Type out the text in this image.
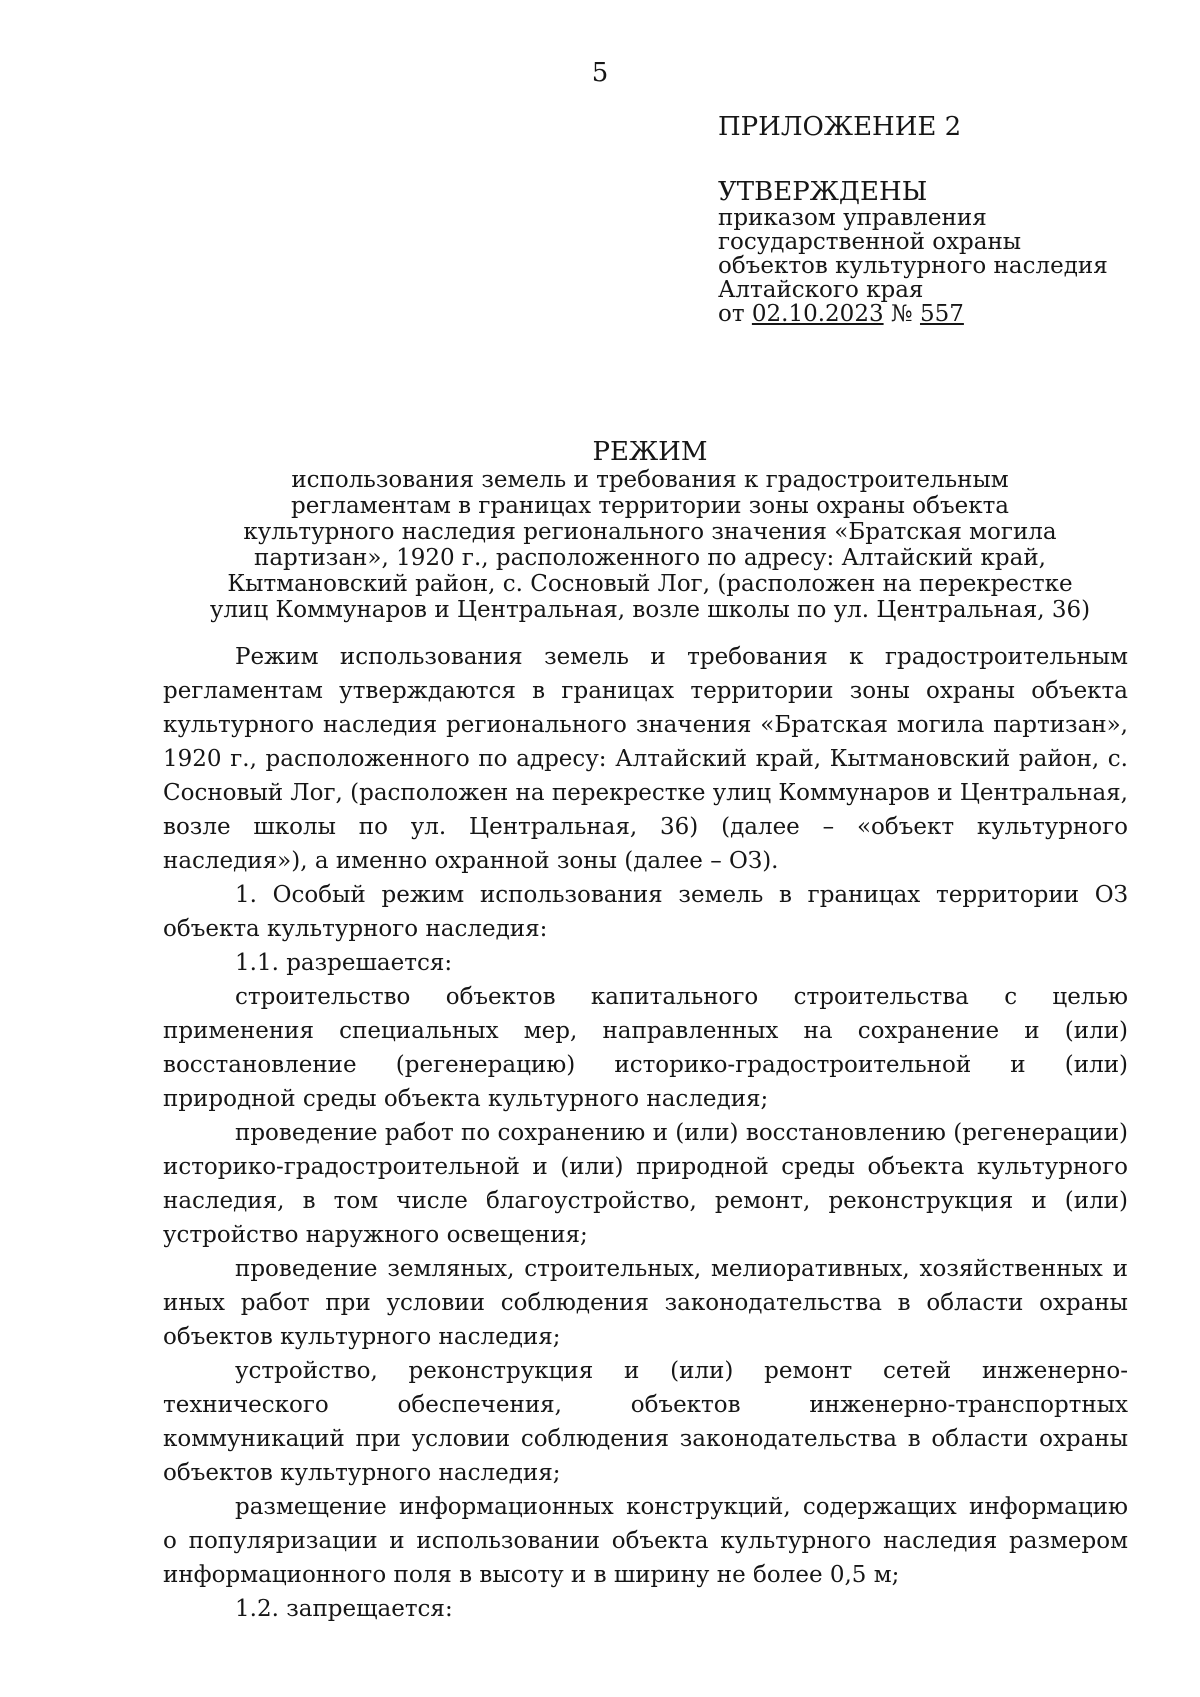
5

ПРИЛОЖЕНИЕ 2

УТВЕРЖДЕНЫ

приказом управления

государственной охраны

объектов культурного наследия

Алтайского края

от 02.10.2023 № 557

РЕЖИМ

использования земель и требования к градостроительным

регламентам в границах территории зоны охраны объекта

культурного наследия регионального значения «Братская могила

партизан», 1920 г., расположенного по адресу: Алтайский край,

Кытмановский район, с. Сосновый Лог, (расположен на перекрестке

улиц Коммунаров и Центральная, возле школы по ул. Центральная, 36)

Режим использования земель и требования к градостроительным регламентам утверждаются в границах территории зоны охраны объекта культурного наследия регионального значения «Братская могила партизан», 1920 г., расположенного по адресу: Алтайский край, Кытмановский район, с. Сосновый Лог, (расположен на перекрестке улиц Коммунаров и Центральная, возле школы по ул. Центральная, 36) (далее – «объект культурного наследия»), а именно охранной зоны (далее – ОЗ).

1. Особый режим использования земель в границах территории ОЗ объекта культурного наследия:

1.1. разрешается:

строительство объектов капитального строительства с целью применения специальных мер, направленных на сохранение и (или) восстановление (регенерацию) историко-градостроительной и (или) природной среды объекта культурного наследия;

проведение работ по сохранению и (или) восстановлению (регенерации) историко-градостроительной и (или) природной среды объекта культурного наследия, в том числе благоустройство, ремонт, реконструкция и (или) устройство наружного освещения;

проведение земляных, строительных, мелиоративных, хозяйственных и иных работ при условии соблюдения законодательства в области охраны объектов культурного наследия;

устройство, реконструкция и (или) ремонт сетей инженерно-технического обеспечения, объектов инженерно-транспортных коммуникаций при условии соблюдения законодательства в области охраны объектов культурного наследия;

размещение информационных конструкций, содержащих информацию о популяризации и использовании объекта культурного наследия размером информационного поля в высоту и в ширину не более 0,5 м;

1.2. запрещается:
